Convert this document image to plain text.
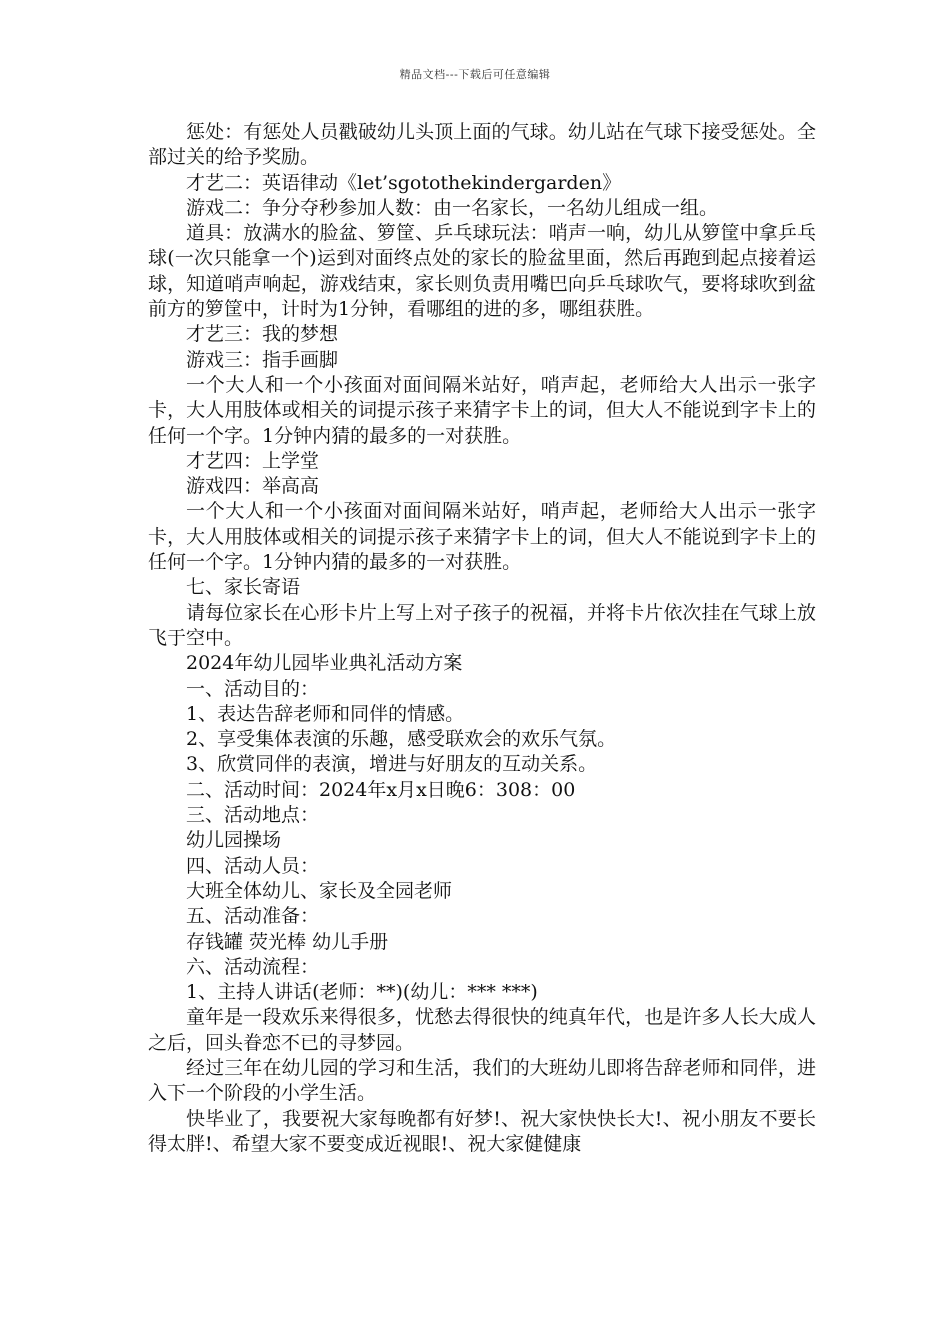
精品文档---下载后可任意编辑

惩处：有惩处人员戳破幼儿头顶上面的气球。幼儿站在气球下接受惩处。全部过关的给予奖励。

才艺二：英语律动《let’sgotothekindergarden》

游戏二：争分夺秒参加人数：由一名家长，一名幼儿组成一组。

道具：放满水的脸盆、箩筐、乒乓球玩法：哨声一响，幼儿从箩筐中拿乒乓球(一次只能拿一个)运到对面终点处的家长的脸盆里面，然后再跑到起点接着运球，知道哨声响起，游戏结束，家长则负责用嘴巴向乒乓球吹气，要将球吹到盆前方的箩筐中，计时为1分钟，看哪组的进的多，哪组获胜。

才艺三：我的梦想

游戏三：指手画脚

一个大人和一个小孩面对面间隔米站好，哨声起，老师给大人出示一张字卡，大人用肢体或相关的词提示孩子来猜字卡上的词，但大人不能说到字卡上的任何一个字。1分钟内猜的最多的一对获胜。

才艺四：上学堂

游戏四：举高高

一个大人和一个小孩面对面间隔米站好，哨声起，老师给大人出示一张字卡，大人用肢体或相关的词提示孩子来猜字卡上的词，但大人不能说到字卡上的任何一个字。1分钟内猜的最多的一对获胜。

七、家长寄语

请每位家长在心形卡片上写上对子孩子的祝福，并将卡片依次挂在气球上放飞于空中。

2024年幼儿园毕业典礼活动方案

一、活动目的：

1、表达告辞老师和同伴的情感。

2、享受集体表演的乐趣，感受联欢会的欢乐气氛。

3、欣赏同伴的表演，增进与好朋友的互动关系。

二、活动时间：2024年x月x日晚6：308：00

三、活动地点：

幼儿园操场

四、活动人员：

大班全体幼儿、家长及全园老师

五、活动准备：

存钱罐 荧光棒 幼儿手册

六、活动流程：

1、主持人讲话(老师：**)(幼儿：*** ***)

童年是一段欢乐来得很多，忧愁去得很快的纯真年代，也是许多人长大成人之后，回头眷恋不已的寻梦园。

经过三年在幼儿园的学习和生活，我们的大班幼儿即将告辞老师和同伴，进入下一个阶段的小学生活。

快毕业了，我要祝大家每晚都有好梦!、祝大家快快长大!、祝小朋友不要长得太胖!、希望大家不要变成近视眼!、祝大家健健康
